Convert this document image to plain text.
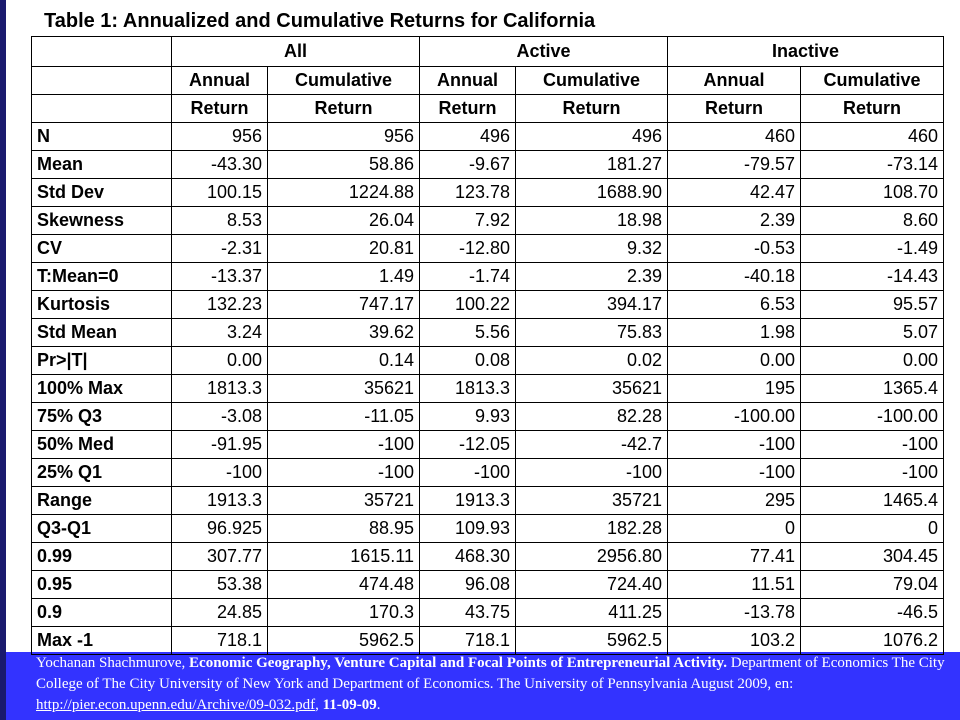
Table 1: Annualized and Cumulative Returns for California
	All		Active		Inactive	
	Annual	Cumulative	Annual	Cumulative	Annual	Cumulative
	Return	Return	Return	Return	Return	Return
N	956	956	496	496	460	460
Mean	-43.30	58.86	-9.67	181.27	-79.57	-73.14
Std Dev	100.15	1224.88	123.78	1688.90	42.47	108.70
Skewness	8.53	26.04	7.92	18.98	2.39	8.60
CV	-2.31	20.81	-12.80	9.32	-0.53	-1.49
T:Mean=0	-13.37	1.49	-1.74	2.39	-40.18	-14.43
Kurtosis	132.23	747.17	100.22	394.17	6.53	95.57
Std Mean	3.24	39.62	5.56	75.83	1.98	5.07
Pr>|T|	0.00	0.14	0.08	0.02	0.00	0.00
100% Max	1813.3	35621	1813.3	35621	195	1365.4
75% Q3	-3.08	-11.05	9.93	82.28	-100.00	-100.00
50% Med	-91.95	-100	-12.05	-42.7	-100	-100
25% Q1	-100	-100	-100	-100	-100	-100
Range	1913.3	35721	1913.3	35721	295	1465.4
Q3-Q1	96.925	88.95	109.93	182.28	0	0
0.99	307.77	1615.11	468.30	2956.80	77.41	304.45
0.95	53.38	474.48	96.08	724.40	11.51	79.04
0.9	24.85	170.3	43.75	411.25	-13.78	-46.5
Max -1	718.1	5962.5	718.1	5962.5	103.2	1076.2
Yochanan Shachmurove, Economic Geography, Venture Capital and Focal Points of Entrepreneurial Activity. Department of Economics The City College of The City University of New York and Department of Economics. The University of Pennsylvania August 2009, en: http://pier.econ.upenn.edu/Archive/09-032.pdf, 11-09-09.
